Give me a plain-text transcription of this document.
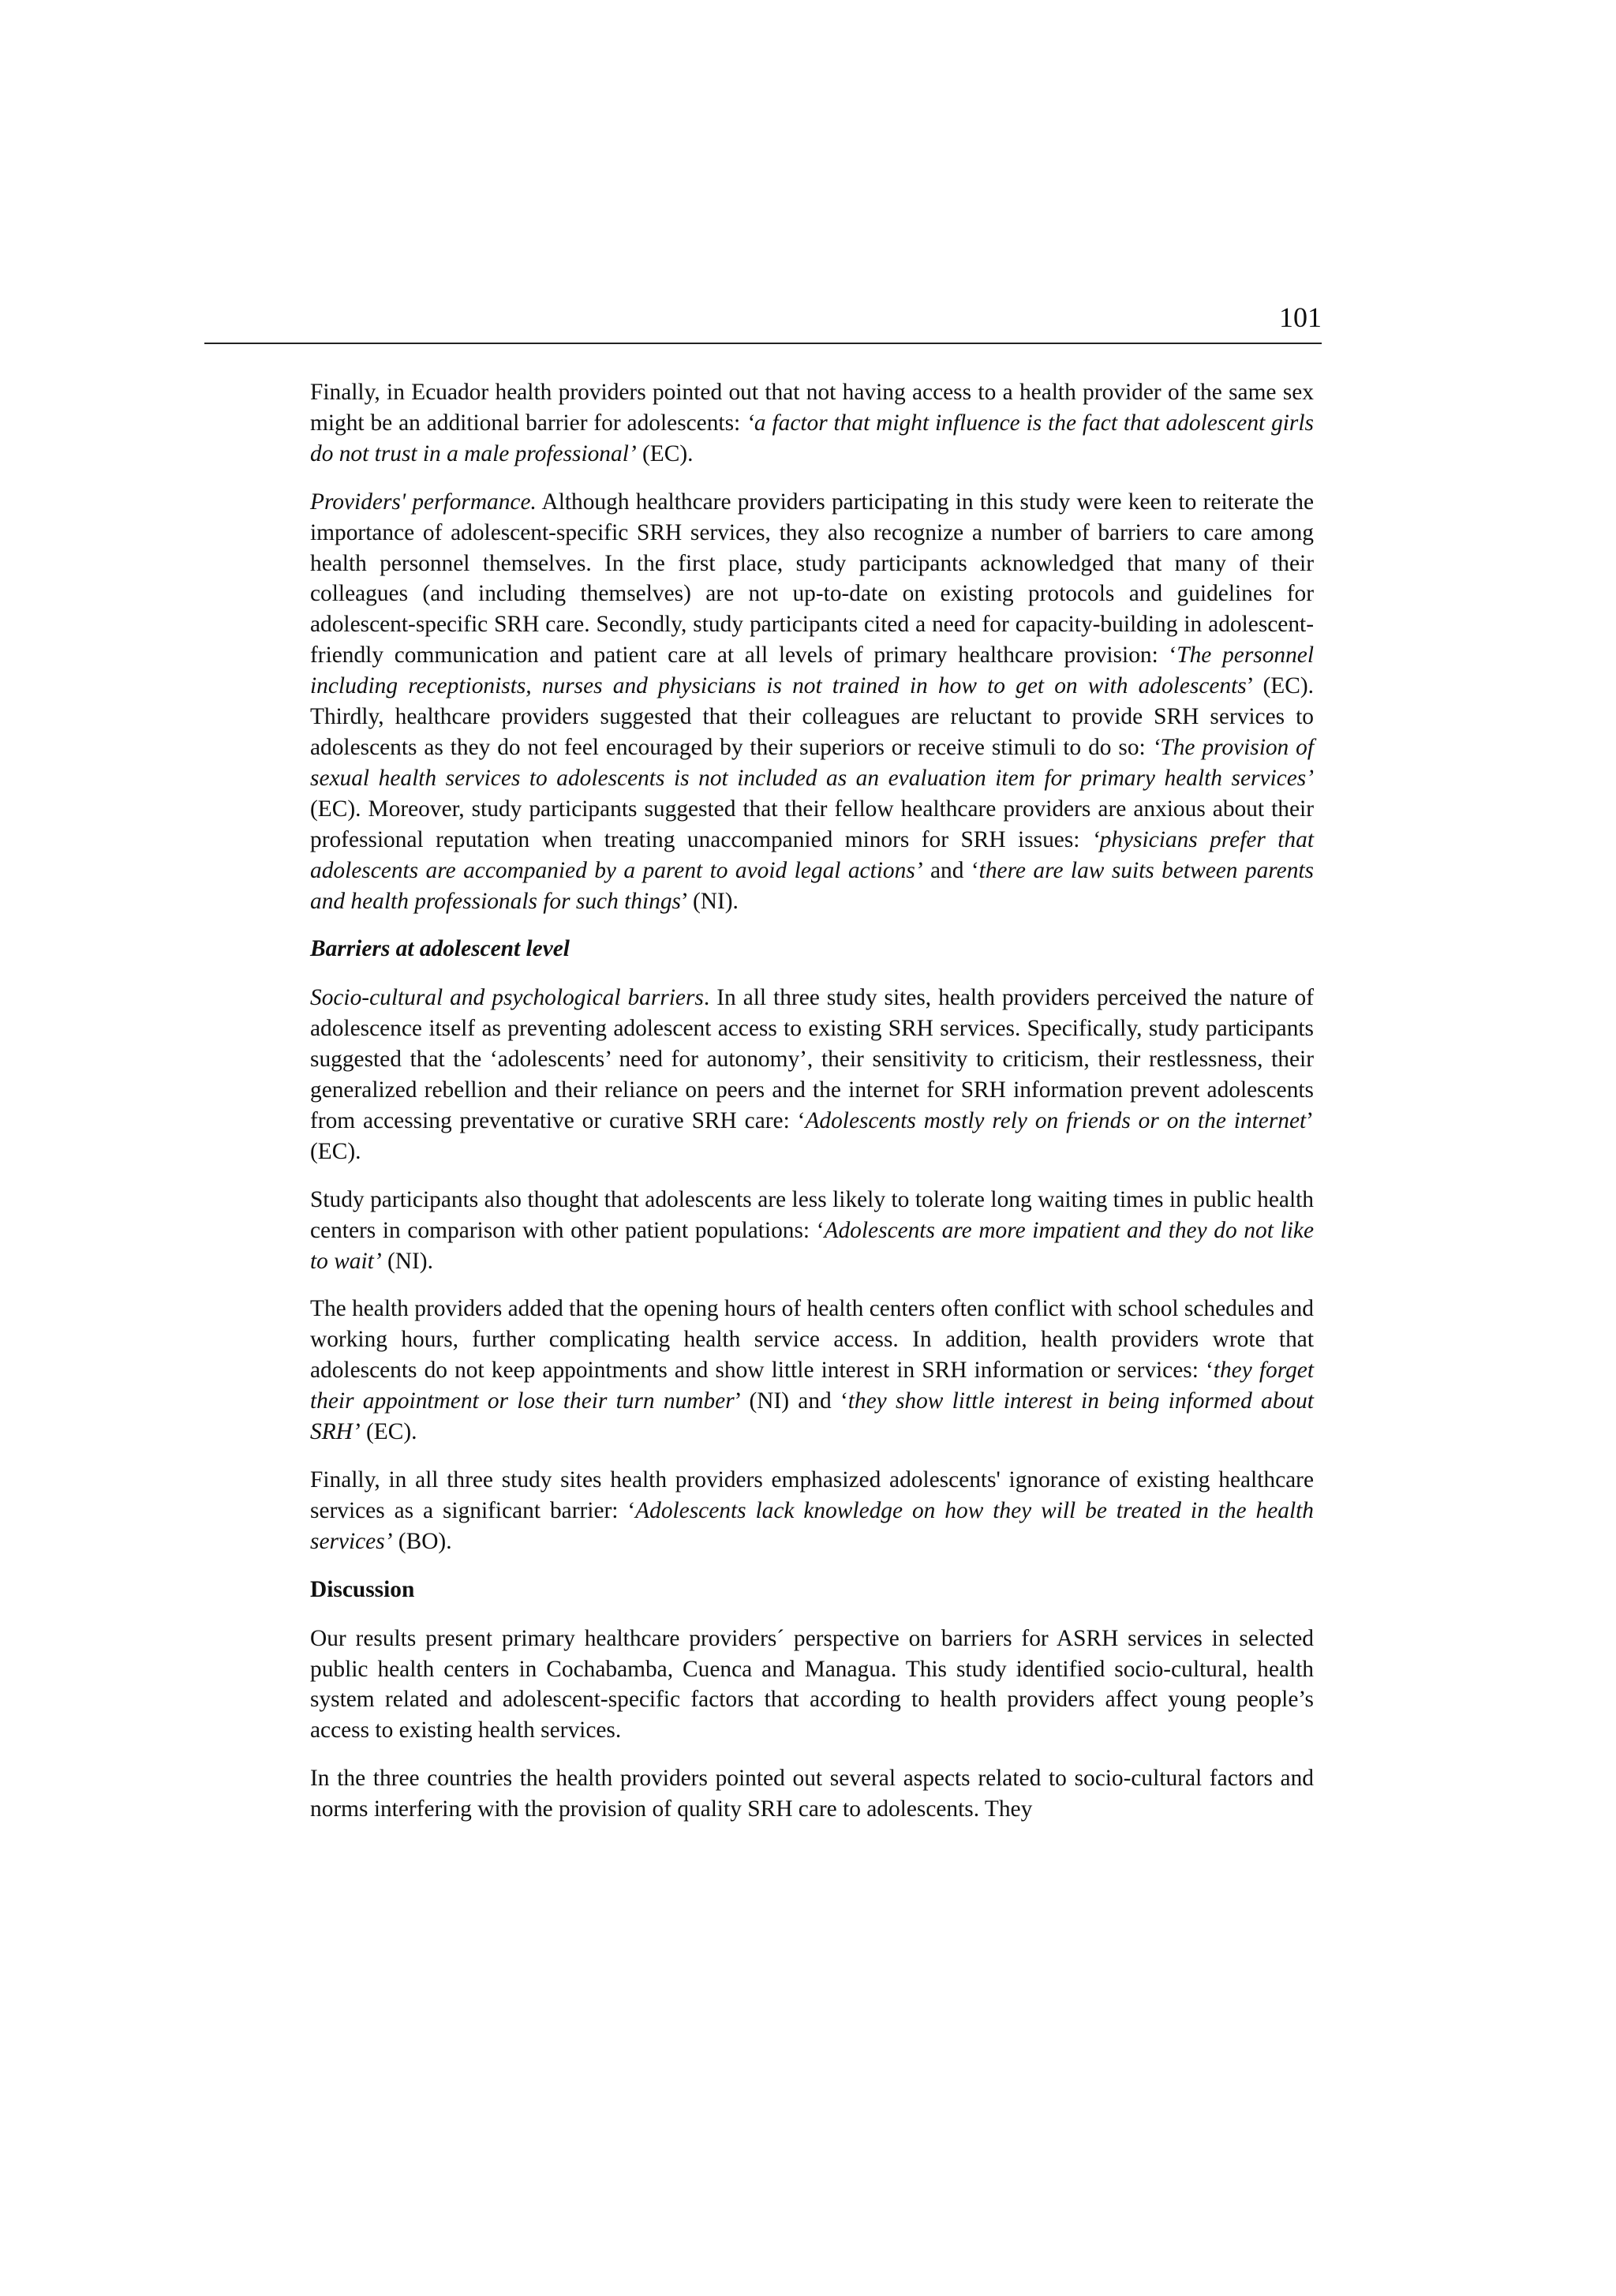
101

Finally, in Ecuador health providers pointed out that not having access to a health provider of the same sex might be an additional barrier for adolescents: ‘a factor that might influence is the fact that adolescent girls do not trust in a male professional’ (EC).

Providers' performance. Although healthcare providers participating in this study were keen to reiterate the importance of adolescent-specific SRH services, they also recognize a number of barriers to care among health personnel themselves. In the first place, study participants acknowledged that many of their colleagues (and including themselves) are not up-to-date on existing protocols and guidelines for adolescent-specific SRH care. Secondly, study participants cited a need for capacity-building in adolescent-friendly communication and patient care at all levels of primary healthcare provision: ‘The personnel including receptionists, nurses and physicians is not trained in how to get on with adolescents’ (EC). Thirdly, healthcare providers suggested that their colleagues are reluctant to provide SRH services to adolescents as they do not feel encouraged by their superiors or receive stimuli to do so: ‘The provision of sexual health services to adolescents is not included as an evaluation item for primary health services’ (EC). Moreover, study participants suggested that their fellow healthcare providers are anxious about their professional reputation when treating unaccompanied minors for SRH issues: ‘physicians prefer that adolescents are accompanied by a parent to avoid legal actions’ and ‘there are law suits between parents and health professionals for such things’ (NI).

Barriers at adolescent level

Socio-cultural and psychological barriers. In all three study sites, health providers perceived the nature of adolescence itself as preventing adolescent access to existing SRH services. Specifically, study participants suggested that the ‘adolescents’ need for autonomy’, their sensitivity to criticism, their restlessness, their generalized rebellion and their reliance on peers and the internet for SRH information prevent adolescents from accessing preventative or curative SRH care: ‘Adolescents mostly rely on friends or on the internet’ (EC).

Study participants also thought that adolescents are less likely to tolerate long waiting times in public health centers in comparison with other patient populations: ‘Adolescents are more impatient and they do not like to wait’ (NI).

The health providers added that the opening hours of health centers often conflict with school schedules and working hours, further complicating health service access. In addition, health providers wrote that adolescents do not keep appointments and show little interest in SRH information or services: ‘they forget their appointment or lose their turn number’ (NI) and ‘they show little interest in being informed about SRH’ (EC).

Finally, in all three study sites health providers emphasized adolescents' ignorance of existing healthcare services as a significant barrier: ‘Adolescents lack knowledge on how they will be treated in the health services’ (BO).

Discussion

Our results present primary healthcare providers´ perspective on barriers for ASRH services in selected public health centers in Cochabamba, Cuenca and Managua. This study identified socio-cultural, health system related and adolescent-specific factors that according to health providers affect young people’s access to existing health services.

In the three countries the health providers pointed out several aspects related to socio-cultural factors and norms interfering with the provision of quality SRH care to adolescents. They
